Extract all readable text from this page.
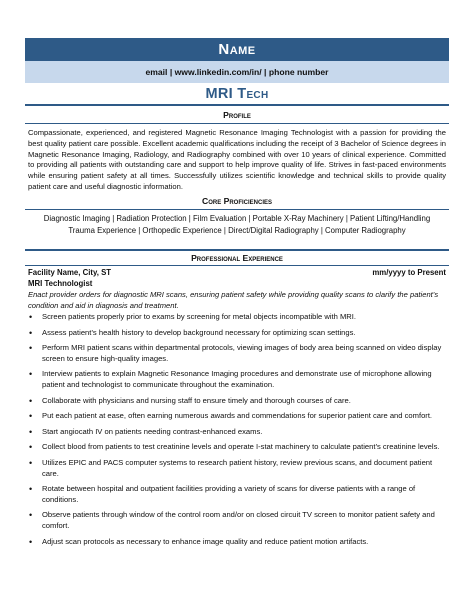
Name
email | www.linkedin.com/in/ | phone number
MRI Tech
Profile
Compassionate, experienced, and registered Magnetic Resonance Imaging Technologist with a passion for providing the best quality patient care possible. Excellent academic qualifications including the receipt of 3 Bachelor of Science degrees in Magnetic Resonance Imaging, Radiology, and Radiography combined with over 10 years of clinical experience. Committed to providing all patients with outstanding care and support to help improve quality of life. Strives in fast-paced environments while ensuring patient safety at all times. Successfully utilizes scientific knowledge and technical skills to provide quality patient care and useful diagnostic information.
Core Proficiencies
Diagnostic Imaging | Radiation Protection | Film Evaluation | Portable X-Ray Machinery | Patient Lifting/Handling
Trauma Experience | Orthopedic Experience | Direct/Digital Radiography | Computer Radiography
Professional Experience
Facility Name, City, ST	mm/yyyy to Present
MRI Technologist
Enact provider orders for diagnostic MRI scans, ensuring patient safety while providing quality scans to clarify the patient’s condition and aid in diagnosis and treatment.
• Screen patients properly prior to exams by screening for metal objects incompatible with MRI.
• Assess patient’s health history to develop background necessary for optimizing scan settings.
• Perform MRI patient scans within departmental protocols, viewing images of body area being scanned on video display screen to ensure high-quality images.
• Interview patients to explain Magnetic Resonance Imaging procedures and demonstrate use of microphone allowing patient and technologist to communicate throughout the examination.
• Collaborate with physicians and nursing staff to ensure timely and thorough courses of care.
• Put each patient at ease, often earning numerous awards and commendations for superior patient care and comfort.
• Start angiocath IV on patients needing contrast-enhanced exams.
• Collect blood from patients to test creatinine levels and operate I-stat machinery to calculate patient’s creatinine levels.
• Utilizes EPIC and PACS computer systems to research patient history, review previous scans, and document patient care.
• Rotate between hospital and outpatient facilities providing a variety of scans for diverse patients with a range of conditions.
• Observe patients through window of the control room and/or on closed circuit TV screen to monitor patient safety and comfort.
• Adjust scan protocols as necessary to enhance image quality and reduce patient motion artifacts.
